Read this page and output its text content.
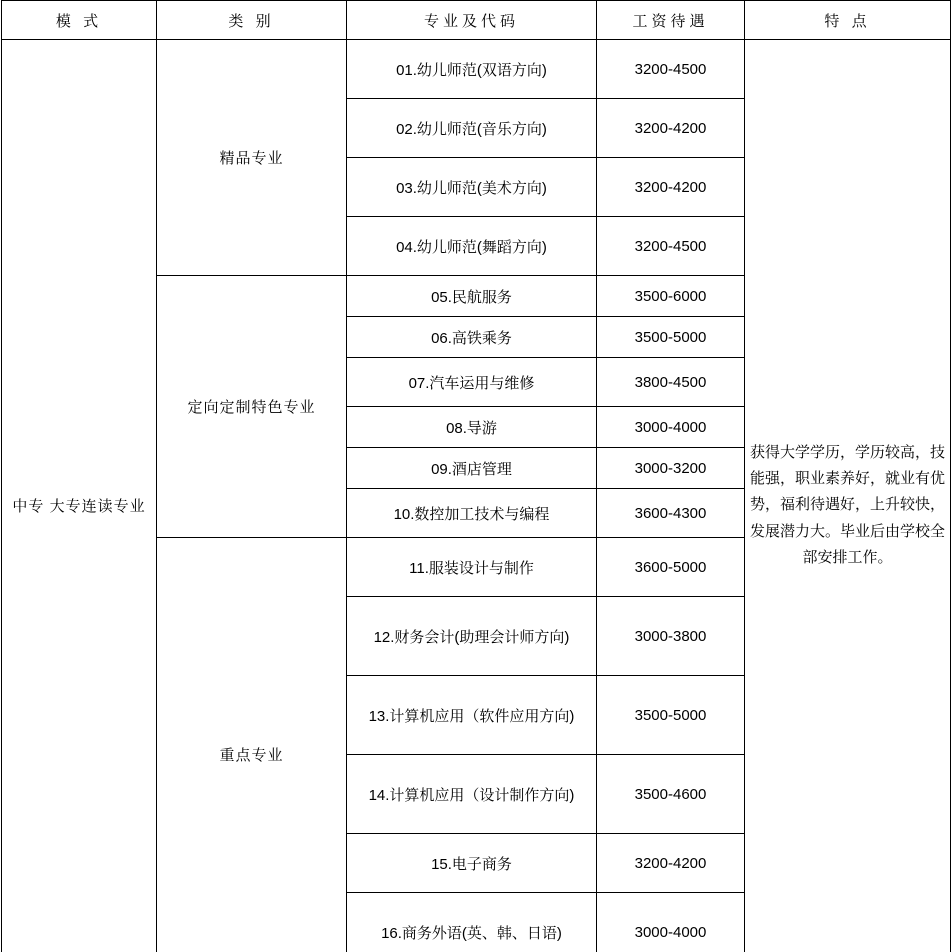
模 式	类 别	专业及代码	工资待遇	特 点
中专 大专连读专业	精品专业	01.幼儿师范(双语方向)	3200-4500	获得大学学历，学历较高，技能强，职业素养好，就业有优势，福利待遇好，上升较快，发展潜力大。毕业后由学校全部安排工作。

		02.幼儿师范(音乐方向)	3200-4200	
		03.幼儿师范(美术方向)	3200-4200	
		04.幼儿师范(舞蹈方向)	3200-4500	
	定向定制特色专业	05.民航服务	3500-6000	
		06.高铁乘务	3500-5000	
		07.汽车运用与维修	3800-4500	
		08.导游	3000-4000	
		09.酒店管理	3000-3200	
		10.数控加工技术与编程	3600-4300	
	重点专业	11.服装设计与制作	3600-5000	
		12.财务会计(助理会计师方向)	3000-3800	
		13.计算机应用（软件应用方向)	3500-5000	
		14.计算机应用（设计制作方向)	3500-4600	
		15.电子商务	3200-4200	
		16.商务外语(英、韩、日语)	3000-4000	
